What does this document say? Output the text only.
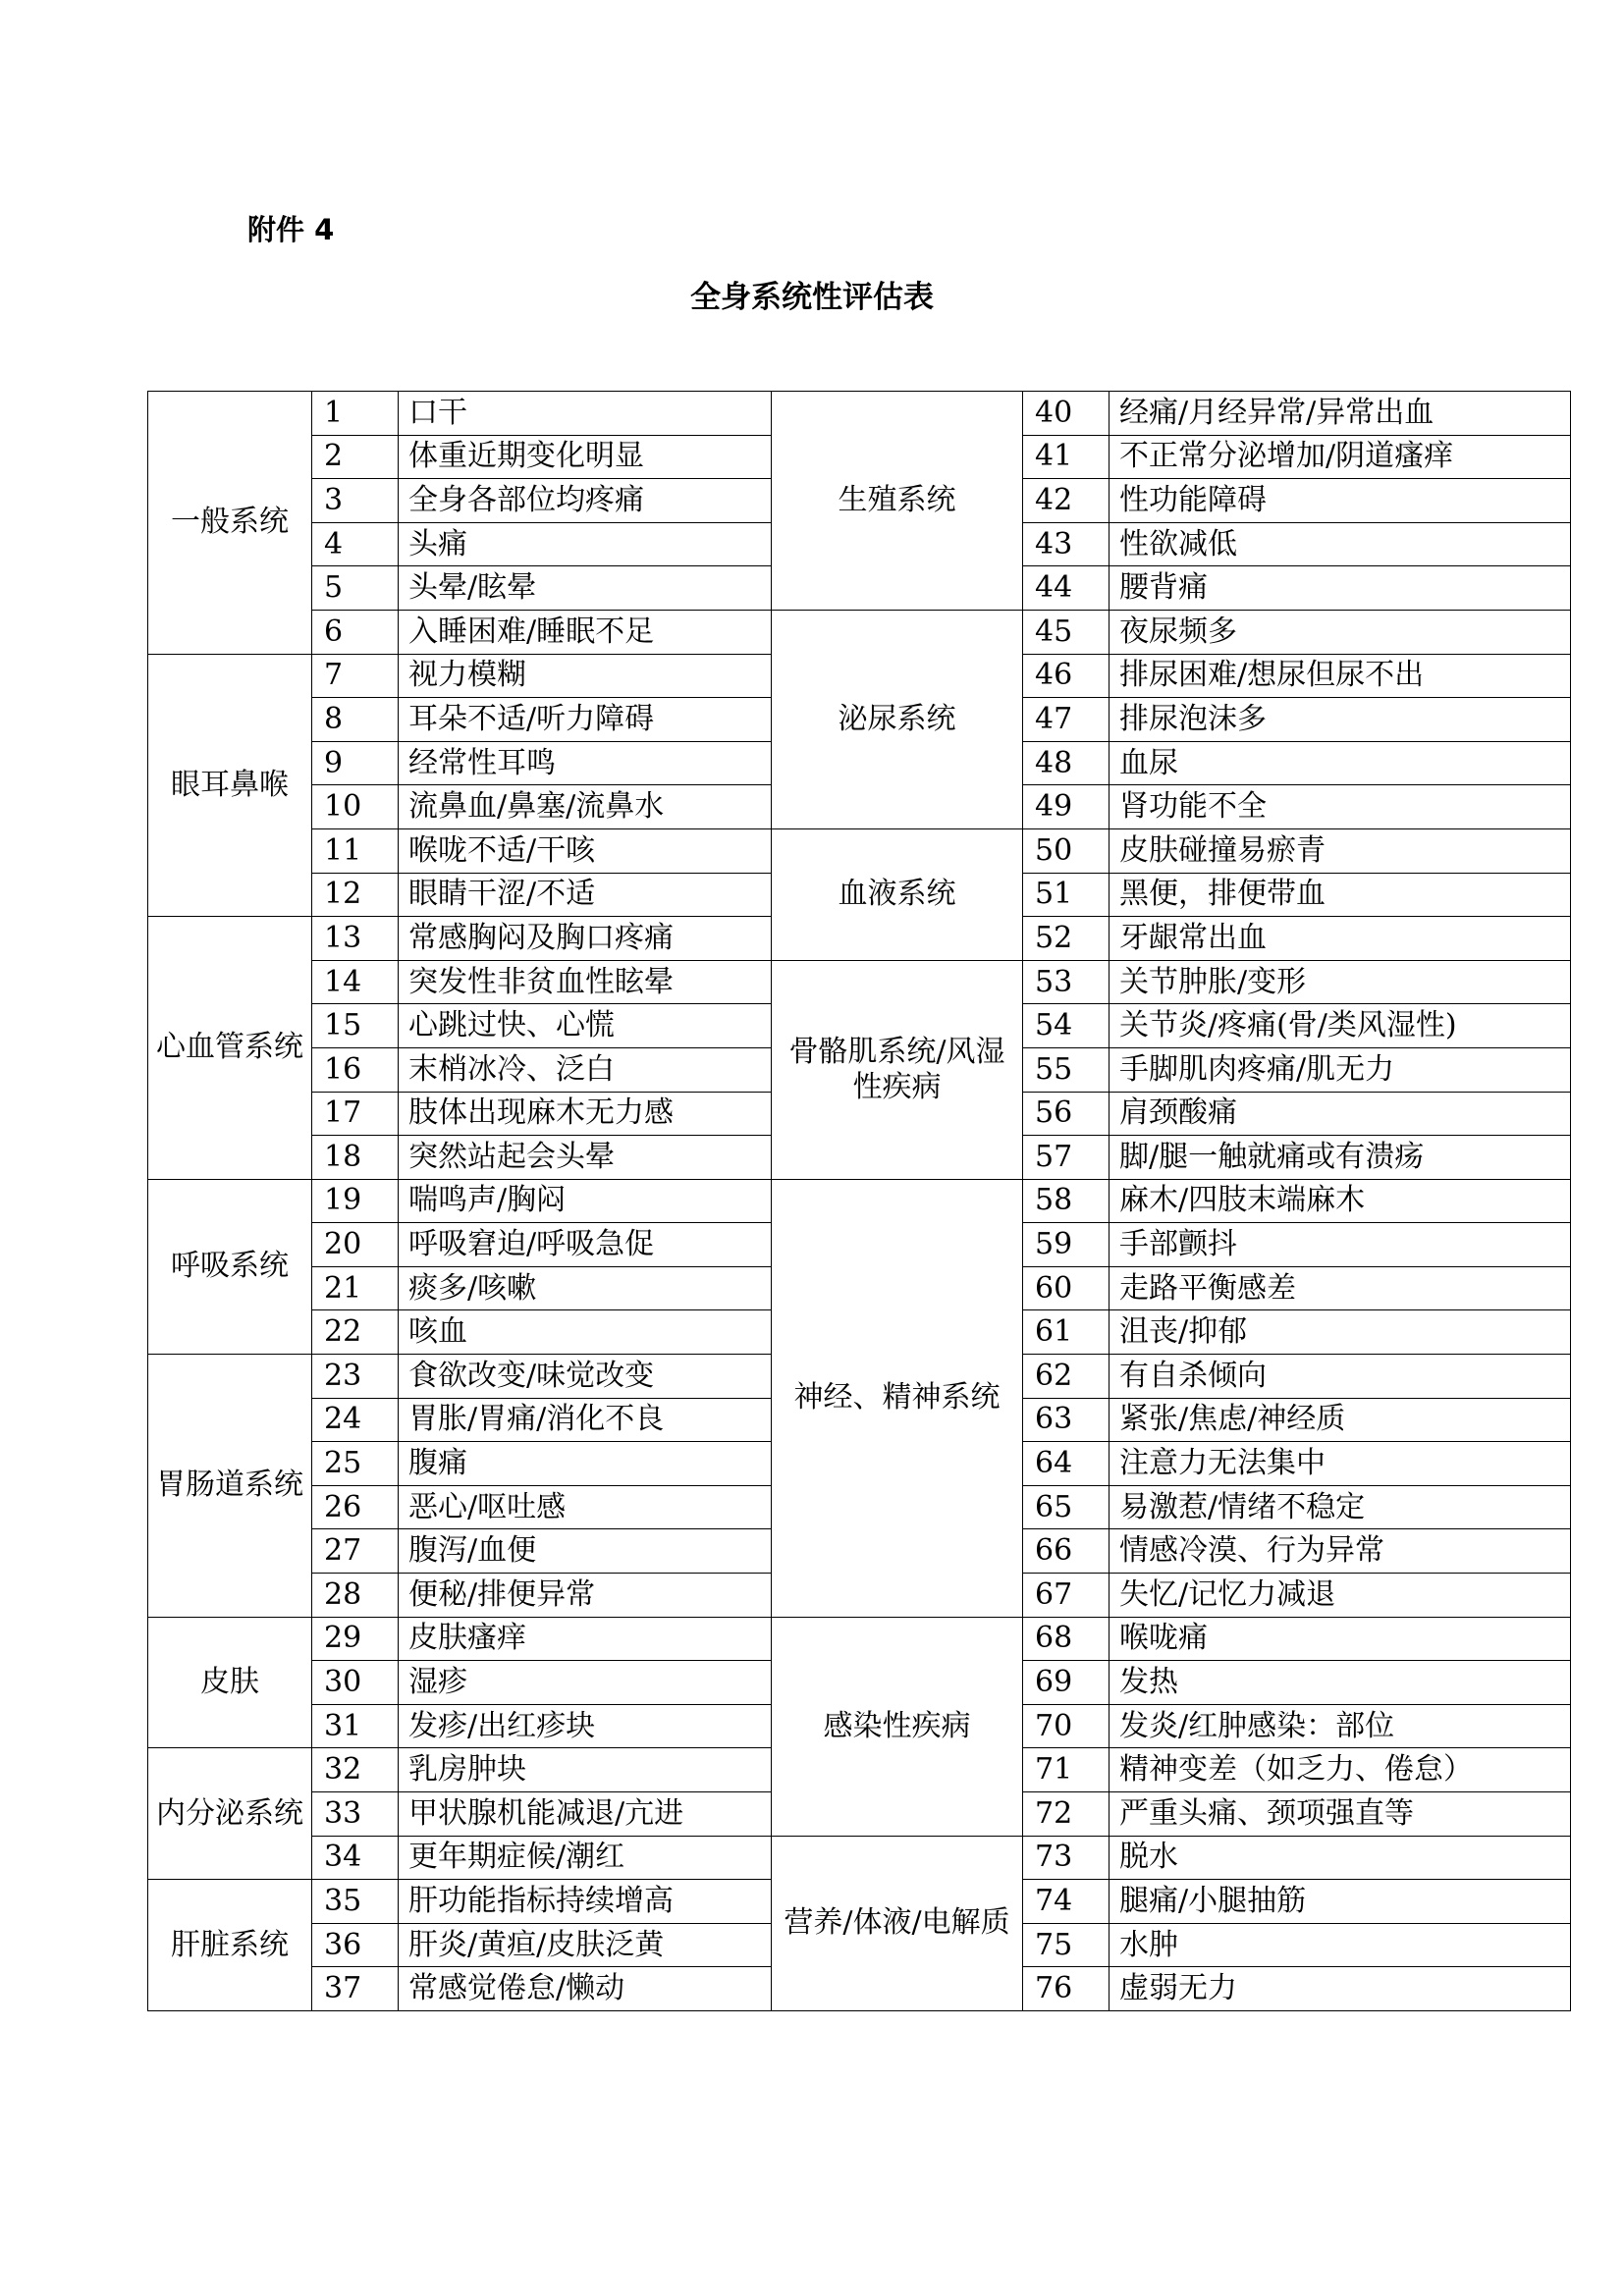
附件 4
全身系统性评估表
一般系统	1	口干	生殖系统	40	经痛/月经异常/异常出血
	2	体重近期变化明显		41	不正常分泌增加/阴道瘙痒
	3	全身各部位均疼痛		42	性功能障碍
	4	头痛		43	性欲减低
	5	头晕/眩晕		44	腰背痛
	6	入睡困难/睡眠不足	泌尿系统	45	夜尿频多
眼耳鼻喉	7	视力模糊		46	排尿困难/想尿但尿不出
	8	耳朵不适/听力障碍		47	排尿泡沫多
	9	经常性耳鸣		48	血尿
	10	流鼻血/鼻塞/流鼻水		49	肾功能不全
	11	喉咙不适/干咳	血液系统	50	皮肤碰撞易瘀青
	12	眼睛干涩/不适		51	黑便，排便带血
心血管系统	13	常感胸闷及胸口疼痛		52	牙龈常出血
	14	突发性非贫血性眩晕	骨骼肌系统/风湿性疾病	53	关节肿胀/变形
	15	心跳过快、心慌		54	关节炎/疼痛(骨/类风湿性)
	16	末梢冰冷、泛白		55	手脚肌肉疼痛/肌无力
	17	肢体出现麻木无力感		56	肩颈酸痛
	18	突然站起会头晕		57	脚/腿一触就痛或有溃疡
呼吸系统	19	喘鸣声/胸闷	神经、精神系统	58	麻木/四肢末端麻木
	20	呼吸窘迫/呼吸急促		59	手部颤抖
	21	痰多/咳嗽		60	走路平衡感差
	22	咳血		61	沮丧/抑郁
胃肠道系统	23	食欲改变/味觉改变		62	有自杀倾向
	24	胃胀/胃痛/消化不良		63	紧张/焦虑/神经质
	25	腹痛		64	注意力无法集中
	26	恶心/呕吐感		65	易激惹/情绪不稳定
	27	腹泻/血便		66	情感冷漠、行为异常
	28	便秘/排便异常		67	失忆/记忆力减退
皮肤	29	皮肤瘙痒	感染性疾病	68	喉咙痛
	30	湿疹		69	发热
	31	发疹/出红疹块		70	发炎/红肿感染：部位
内分泌系统	32	乳房肿块		71	精神变差（如乏力、倦怠）
	33	甲状腺机能减退/亢进		72	严重头痛、颈项强直等
	34	更年期症候/潮红	营养/体液/电解质	73	脱水
肝脏系统	35	肝功能指标持续增高		74	腿痛/小腿抽筋
	36	肝炎/黄疸/皮肤泛黄		75	水肿
	37	常感觉倦怠/懒动		76	虚弱无力
